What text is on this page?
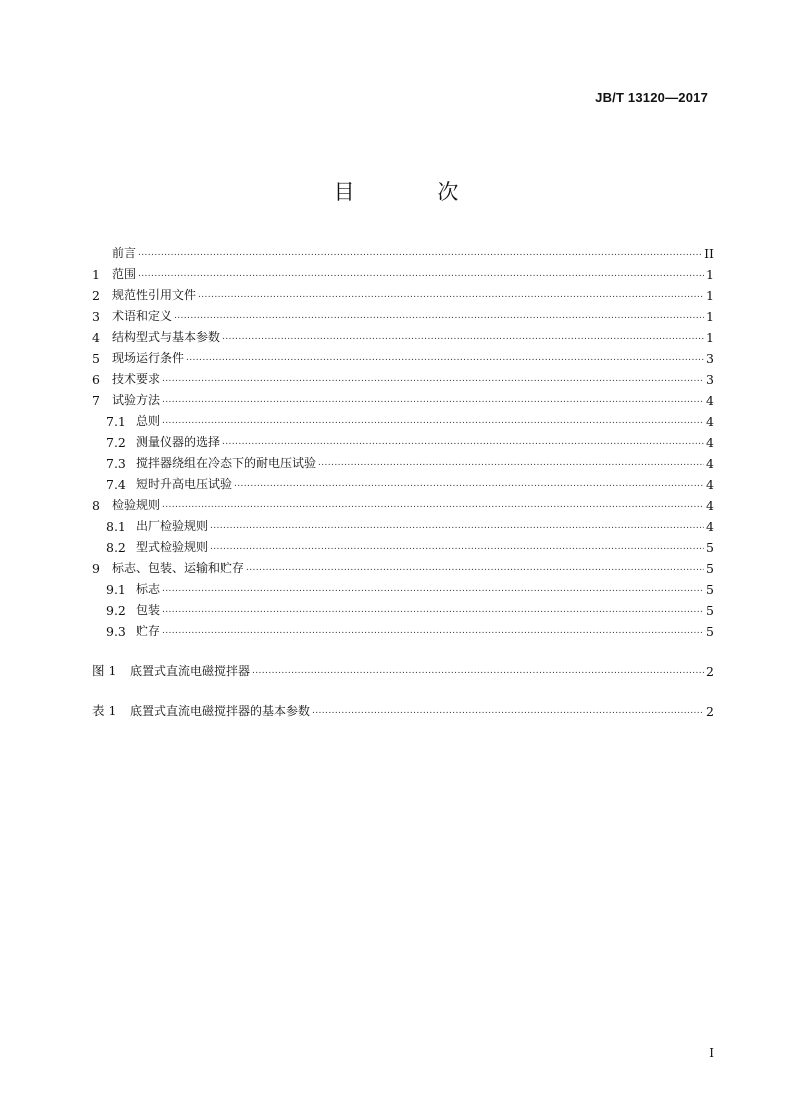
JB/T 13120—2017
目 次
前言 .....	II
1	范围 .....	1
2	规范性引用文件 .....	1
3	术语和定义 .....	1
4	结构型式与基本参数 .....	1
5	现场运行条件 .....	3
6	技术要求 .....	3
7	试验方法 .....	4
7.1 总则 .....	4
7.2 测量仪器的选择 .....	4
7.3 搅拌器绕组在冷态下的耐电压试验 .....	4
7.4 短时升高电压试验 .....	4
8	检验规则 .....	4
8.1 出厂检验规则 .....	4
8.2 型式检验规则 .....	5
9	标志、包装、运输和贮存 .....	5
9.1 标志 .....	5
9.2 包装 .....	5
9.3 贮存 .....	5
图 1	底置式直流电磁搅拌器 .....	2
表 1	底置式直流电磁搅拌器的基本参数 .....	2
I
